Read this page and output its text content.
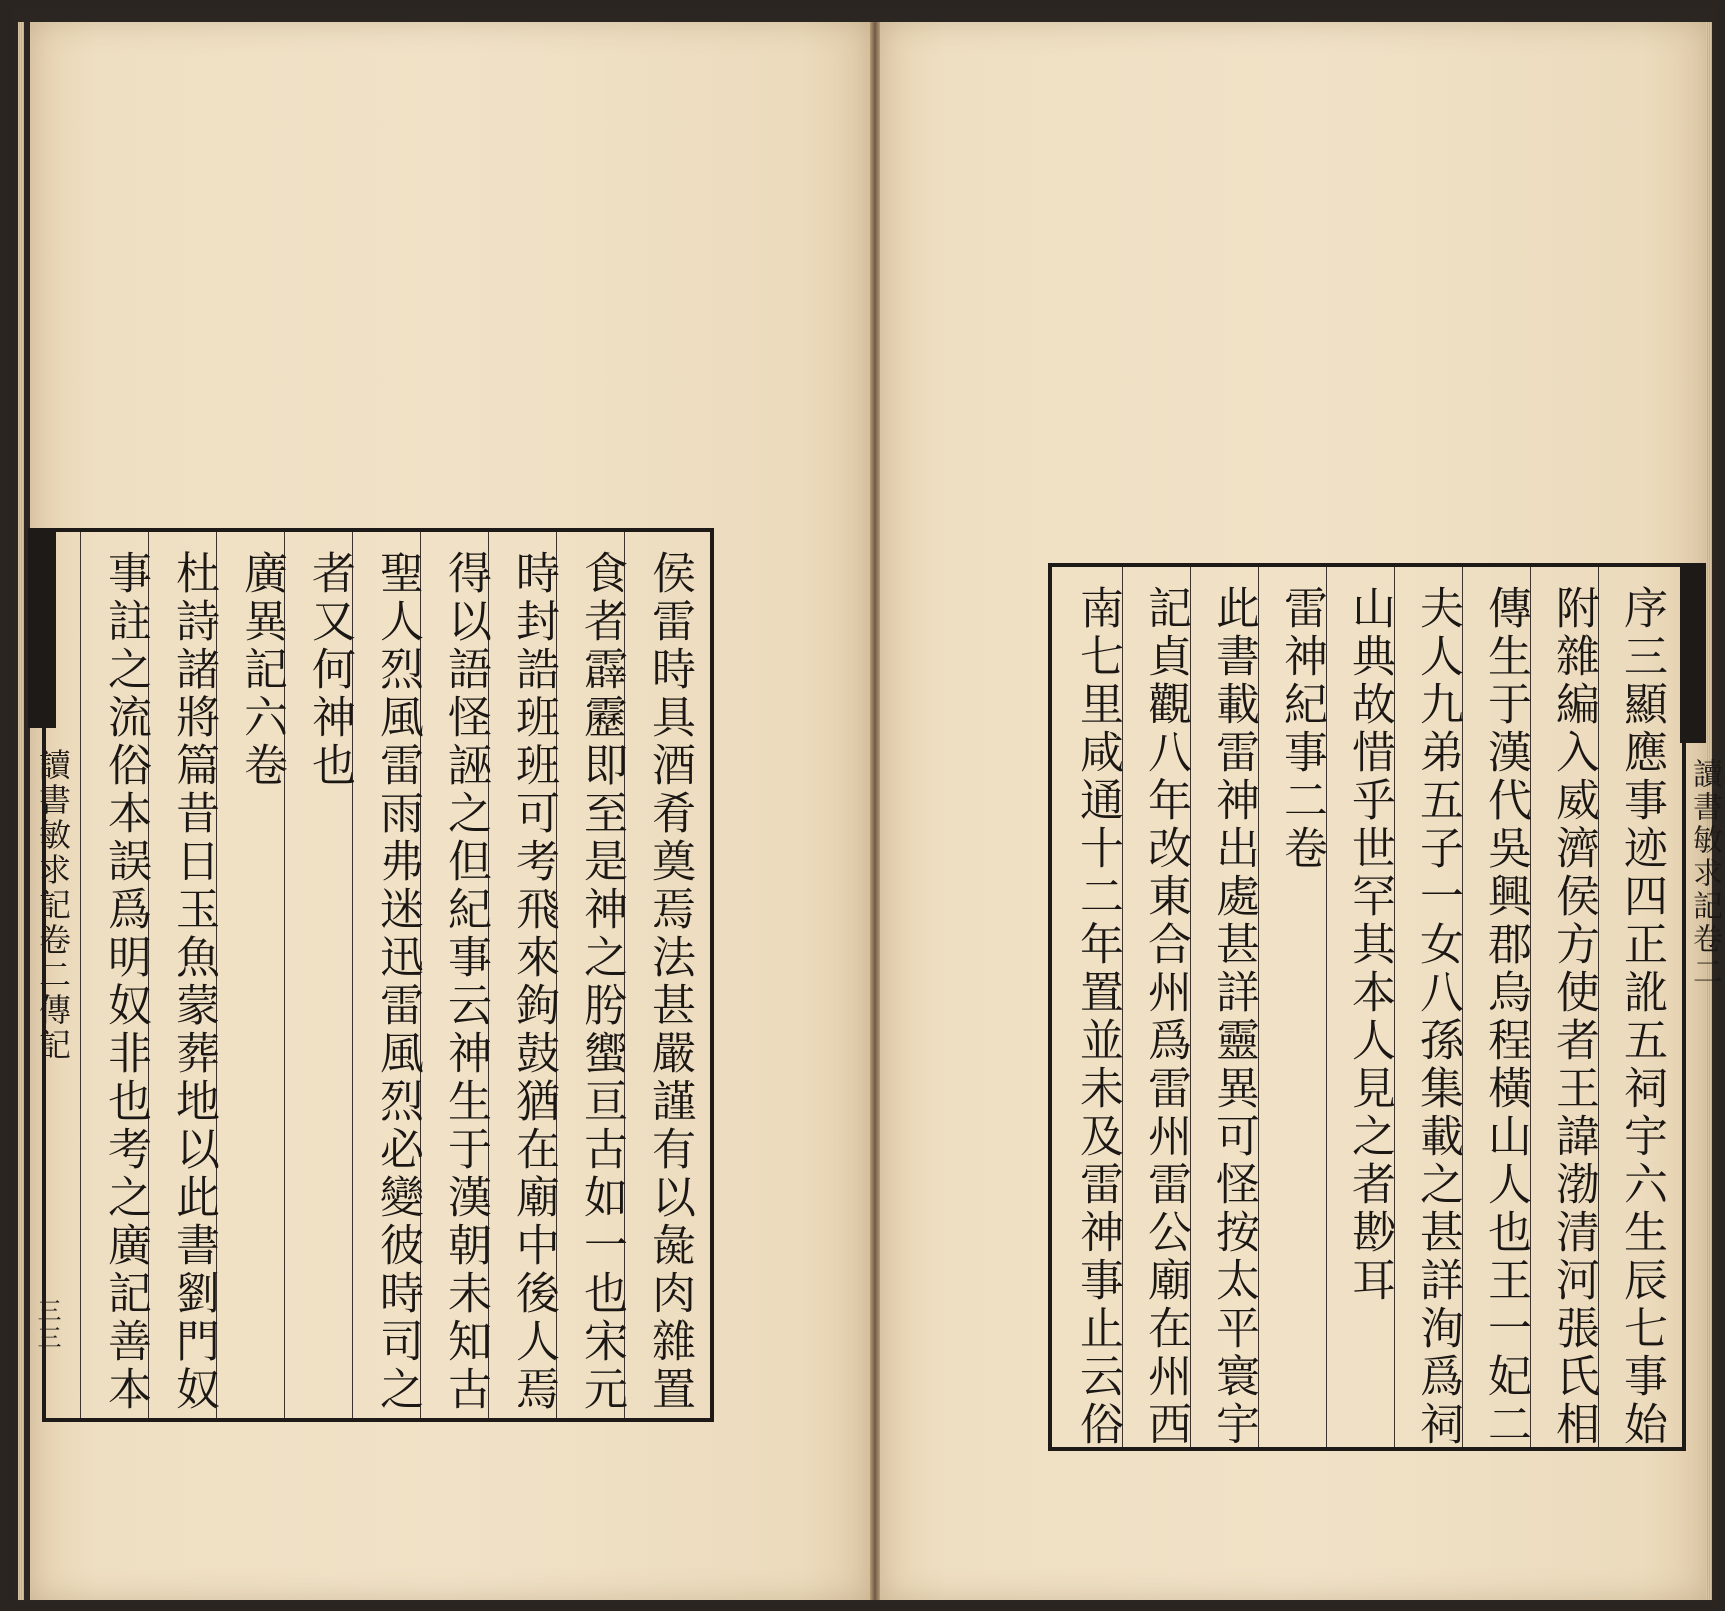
侯雷時具酒肴奠焉法甚嚴謹有以彘肉雜置
食者霹靂即至是神之肹蠁亘古如一也宋元
時封誥班班可考飛來鉤鼓猶在廟中後人焉
得以語怪誣之但紀事云神生于漢朝未知古
聖人烈風雷雨弗迷迅雷風烈必變彼時司之
者又何神也
廣異記六卷
杜詩諸將篇昔日玉魚蒙葬地以此書劉門奴
事註之流俗本誤爲明奴非也考之廣記善本
讀書敏求記卷二傳記
三三	序三顯應事迹四正訛五祠宇六生辰七事始
附雜編入威濟侯方使者王諱渤清河張氏相
傳生于漢代吳興郡烏程橫山人也王一妃二
夫人九弟五子一女八孫集載之甚詳洵爲祠
山典故惜乎世罕其本人見之者尠耳
雷神紀事二卷
此書載雷神出處甚詳靈異可怪按太平寰宇
記貞觀八年改東合州爲雷州雷公廟在州西
南七里咸通十二年置並未及雷神事止云俗	讀書敏求記卷二
